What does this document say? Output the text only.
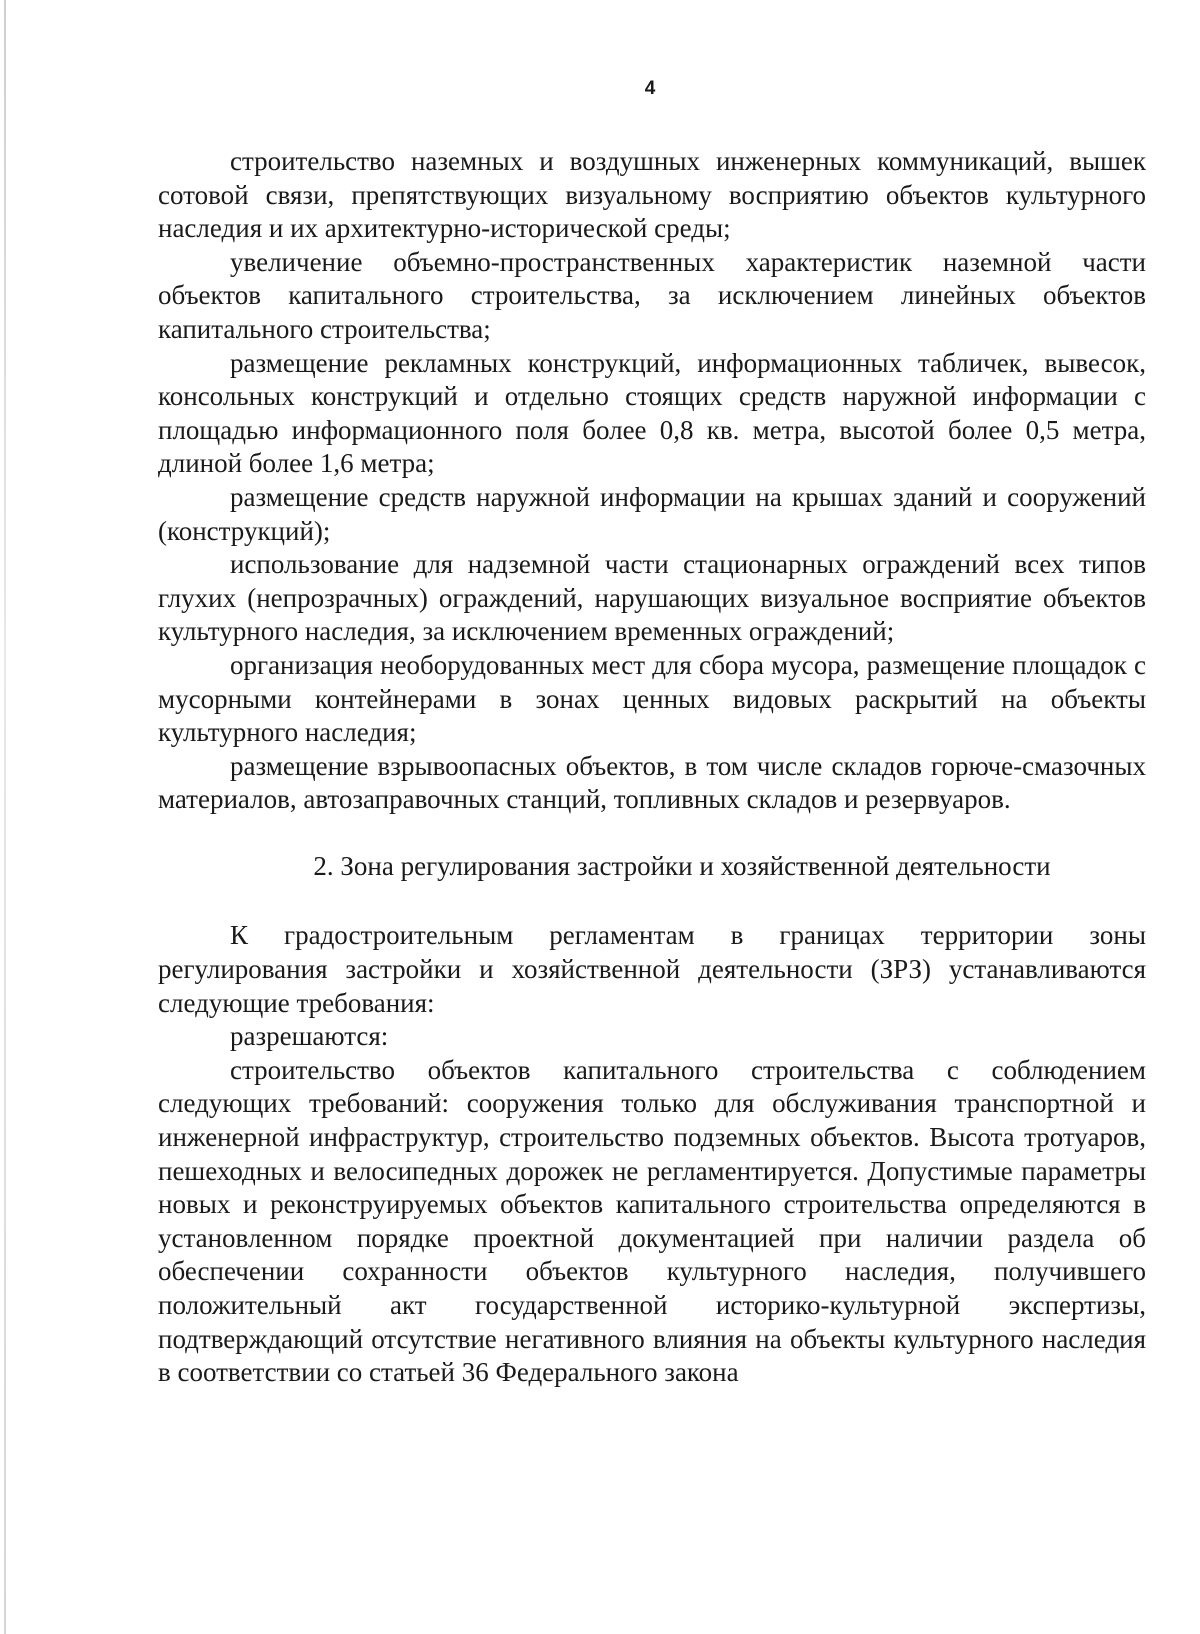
4

строительство наземных и воздушных инженерных коммуникаций, вышек сотовой связи, препятствующих визуальному восприятию объектов культурного наследия и их архитектурно-исторической среды;

увеличение объемно-пространственных характеристик наземной части объектов капитального строительства, за исключением линейных объектов капитального строительства;

размещение рекламных конструкций, информационных табличек, вывесок, консольных конструкций и отдельно стоящих средств наружной информации с площадью информационного поля более 0,8 кв. метра, высотой более 0,5 метра, длиной более 1,6 метра;

размещение средств наружной информации на крышах зданий и сооружений (конструкций);

использование для надземной части стационарных ограждений всех типов глухих (непрозрачных) ограждений, нарушающих визуальное восприятие объектов культурного наследия, за исключением временных ограждений;

организация необорудованных мест для сбора мусора, размещение площадок с мусорными контейнерами в зонах ценных видовых раскрытий на объекты культурного наследия;

размещение взрывоопасных объектов, в том числе складов горюче-смазочных материалов, автозаправочных станций, топливных складов и резервуаров.

2. Зона регулирования застройки и хозяйственной деятельности

К градостроительным регламентам в границах территории зоны регулирования застройки и хозяйственной деятельности (ЗРЗ) устанавливаются следующие требования:

разрешаются:

строительство объектов капитального строительства с соблюдением следующих требований: сооружения только для обслуживания транспортной и инженерной инфраструктур, строительство подземных объектов. Высота тротуаров, пешеходных и велосипедных дорожек не регламентируется. Допустимые параметры новых и реконструируемых объектов капитального строительства определяются в установленном порядке проектной документацией при наличии раздела об обеспечении сохранности объектов культурного наследия, получившего положительный акт государственной историко-культурной экспертизы, подтверждающий отсутствие негативного влияния на объекты культурного наследия в соответствии со статьей 36 Федерального закона
